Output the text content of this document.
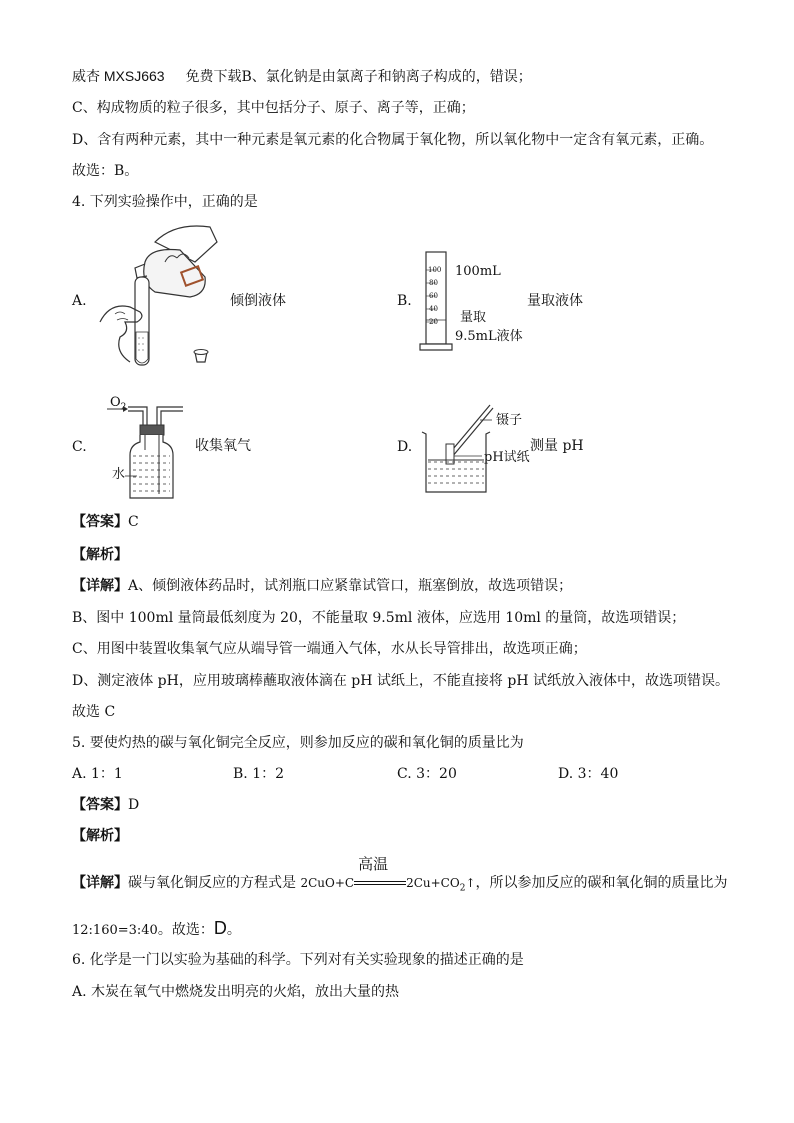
威杏 MXSJ663 免费下载B、氯化钠是由氯离子和钠离子构成的，错误；
C、构成物质的粒子很多，其中包括分子、原子、离子等，正确；
D、含有两种元素，其中一种元素是氧元素的化合物属于氧化物，所以氧化物中一定含有氧元素，正确。
故选：B。
4. 下列实验操作中，正确的是
A.	倾倒液体	B.
100
80
60
40
20
100mL
量取
9.5mL液体
量取液体
C.
$O_2$
水
收集氧气	D.
镊子
pH试纸
测量 pH
【答案】C
【解析】
【详解】A、倾倒液体药品时，试剂瓶口应紧靠试管口，瓶塞倒放，故选项错误；
B、图中 100ml 量筒最低刻度为 20，不能量取 9.5ml 液体，应选用 10ml 的量筒，故选项错误；
C、用图中装置收集氧气应从端导管一端通入气体，水从长导管排出，故选项正确；
D、测定液体 pH，应用玻璃棒蘸取液体滴在 pH 试纸上，不能直接将 pH 试纸放入液体中，故选项错误。
故选 C
5. 要使灼热的碳与氧化铜完全反应，则参加反应的碳和氧化铜的质量比为
A. 1：1	B. 1：2	C. 3：20	D. 3：40
【答案】D
【解析】
【详解】碳与氧化铜反应的方程式是 2CuO+C
高温
$2Cu+CO_2↑$，所以参加反应的碳和氧化铜的质量比为
12:160=3:40。故选：D。
6. 化学是一门以实验为基础的科学。下列对有关实验现象的描述正确的是
A. 木炭在氧气中燃烧发出明亮的火焰，放出大量的热
